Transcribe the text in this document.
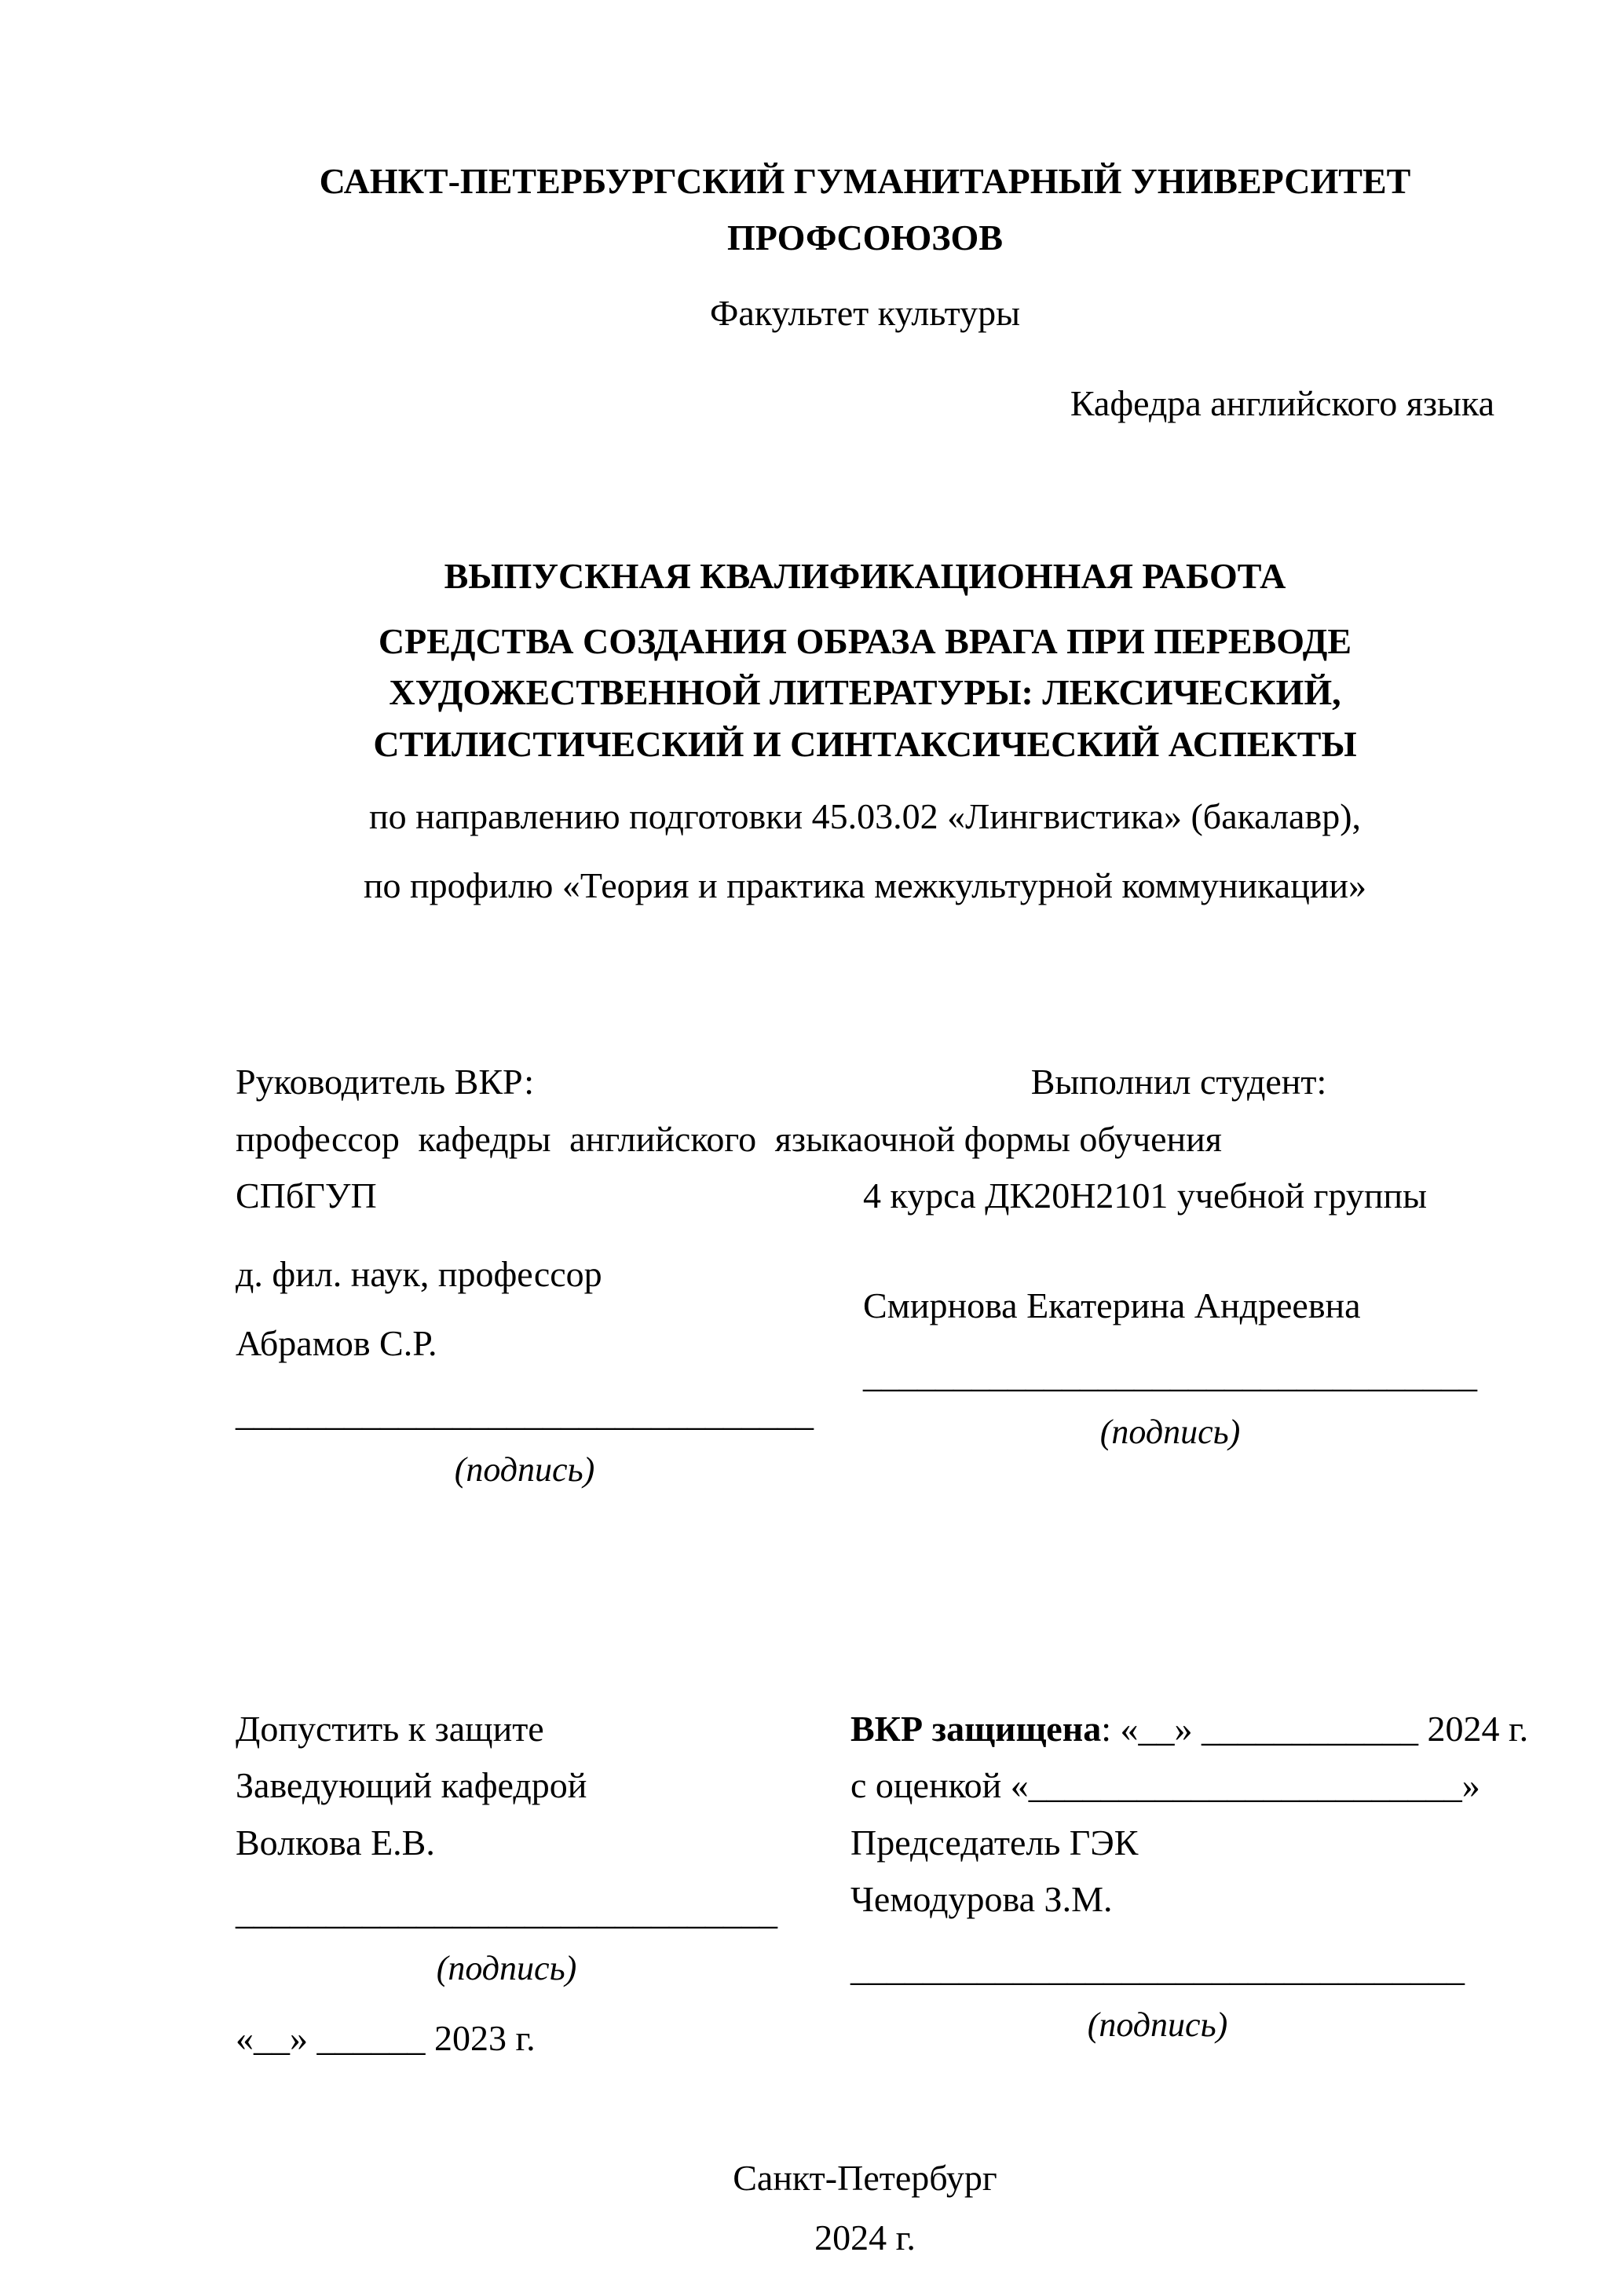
САНКТ-ПЕТЕРБУРГСКИЙ ГУМАНИТАРНЫЙ УНИВЕРСИТЕТ ПРОФСОЮЗОВ
Факультет культуры
Кафедра английского языка
ВЫПУСКНАЯ КВАЛИФИКАЦИОННАЯ РАБОТА
СРЕДСТВА СОЗДАНИЯ ОБРАЗА ВРАГА ПРИ ПЕРЕВОДЕ ХУДОЖЕСТВЕННОЙ ЛИТЕРАТУРЫ: ЛЕКСИЧЕСКИЙ, СТИЛИСТИЧЕСКИЙ И СИНТАКСИЧЕСКИЙ АСПЕКТЫ
по направлению подготовки 45.03.02 «Лингвистика» (бакалавр),
по профилю «Теория и практика межкультурной коммуникации»

Руководитель ВКР:

профессор кафедры английского языка СПбГУП

д. фил. наук, профессор

Абрамов С.Р.

________________________________
(подпись)

Выполнил студент:

очной формы обучения

4 курса ДК20Н2101 учебной группы

Смирнова Екатерина Андреевна

__________________________________
(подпись)

Допустить к защите

Заведующий кафедрой

Волкова Е.В.

______________________________
(подпись)

«__» ______ 2023 г.

ВКР защищена: «__» ____________ 2024 г.

с оценкой «________________________»

Председатель ГЭК

Чемодурова З.М.

__________________________________
(подпись)
Санкт-Петербург
2024 г.
